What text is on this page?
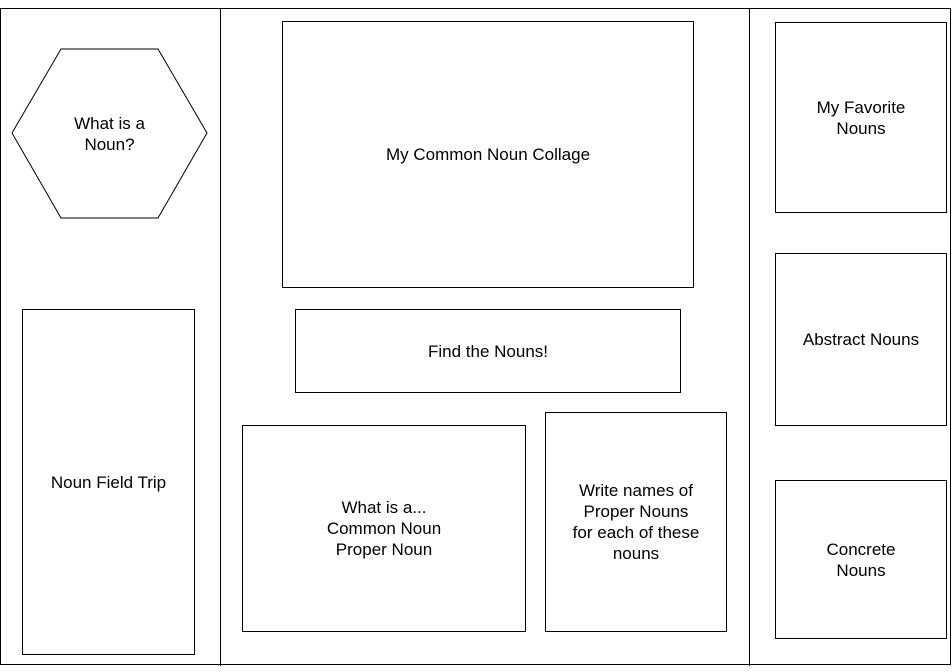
What is a
Noun?
Noun Field Trip
My Common Noun Collage
Find the Nouns!
What is a...
Common Noun
Proper Noun
Write names of
Proper Nouns
for each of these
nouns
My Favorite
Nouns
Abstract Nouns
Concrete
Nouns
